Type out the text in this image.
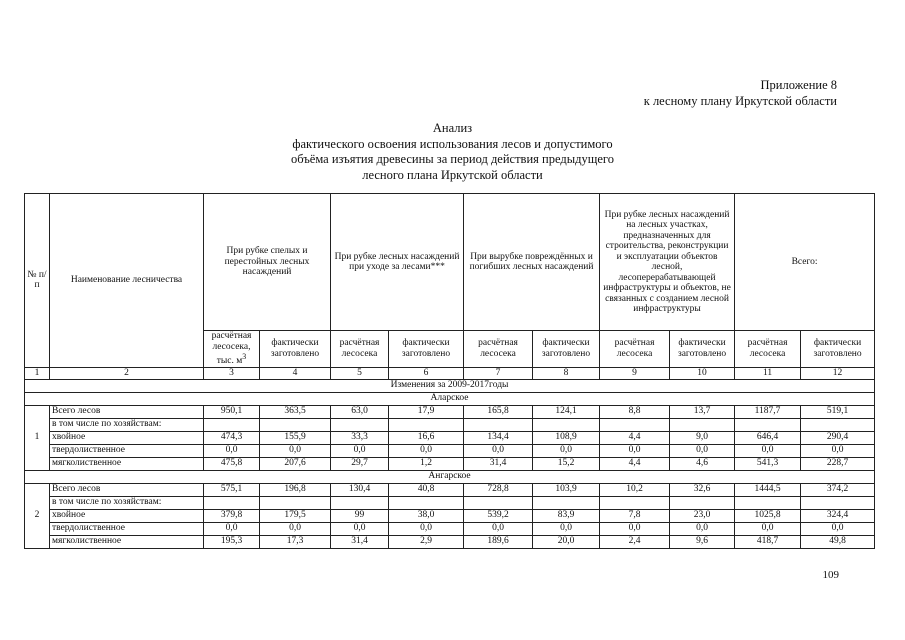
Приложение 8
к лесному плану Иркутской области
Анализ
фактического освоения использования лесов и допустимого
объёма изъятия древесины за период действия предыдущего
лесного плана Иркутской области
№ п/п	Наименование лесничества	При рубке спелых и перестойных лесных насаждений		При рубке лесных насаждений при уходе за лесами***		При вырубке повреждённых и погибших лесных насаждений		При рубке лесных насаждений на лесных участках, предназначенных для строительства, реконструкции и эксплуатации объектов лесной, лесоперерабатывающей инфраструктуры и объектов, не связанных с созданием лесной инфраструктуры		Всего:	
		расчётная лесосека, тыс. $м^3$	фактически заготовлено	расчётная лесосека	фактически заготовлено	расчётная лесосека	фактически заготовлено	расчётная лесосека	фактически заготовлено	расчётная лесосека	фактически заготовлено
1	2	3	4	5	6	7	8	9	10	11	12
Изменения за 2009-2017годы											
Аларское											
1	Всего лесов	950,1	363,5	63,0	17,9	165,8	124,1	8,8	13,7	1187,7	519,1
	в том числе по хозяйствам:										
	хвойное	474,3	155,9	33,3	16,6	134,4	108,9	4,4	9,0	646,4	290,4
	твердолиственное	0,0	0,0	0,0	0,0	0,0	0,0	0,0	0,0	0,0	0,0
	мягколиственное	475,8	207,6	29,7	1,2	31,4	15,2	4,4	4,6	541,3	228,7
Ангарское											
2	Всего лесов	575,1	196,8	130,4	40,8	728,8	103,9	10,2	32,6	1444,5	374,2
	в том числе по хозяйствам:										
	хвойное	379,8	179,5	99	38,0	539,2	83,9	7,8	23,0	1025,8	324,4
	твердолиственное	0,0	0,0	0,0	0,0	0,0	0,0	0,0	0,0	0,0	0,0
	мягколиственное	195,3	17,3	31,4	2,9	189,6	20,0	2,4	9,6	418,7	49,8
109
